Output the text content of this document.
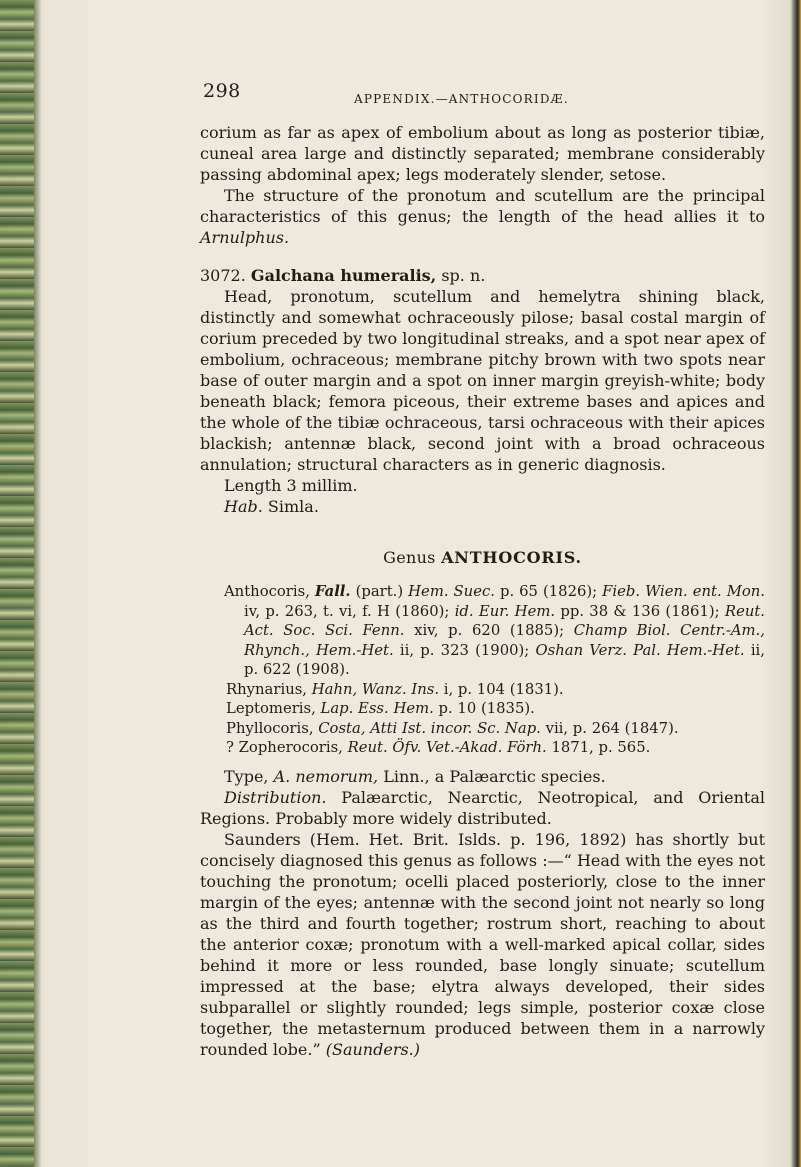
298	APPENDIX.—ANTHOCORIDÆ.

corium as far as apex of embolium about as long as posterior tibiæ, cuneal area large and distinctly separated; membrane considerably passing abdominal apex; legs moderately slender, setose.

The structure of the pronotum and scutellum are the principal characteristics of this genus; the length of the head allies it to Arnulphus.

3072. Galchana humeralis, sp. n.

Head, pronotum, scutellum and hemelytra shining black, distinctly and somewhat ochraceously pilose; basal costal margin of corium preceded by two longitudinal streaks, and a spot near apex of embolium, ochraceous; membrane pitchy brown with two spots near base of outer margin and a spot on inner margin greyish-white; body beneath black; femora piceous, their extreme bases and apices and the whole of the tibiæ ochraceous, tarsi ochraceous with their apices blackish; antennæ black, second joint with a broad ochraceous annulation; structural characters as in generic diagnosis.

Length 3 millim.

Hab. Simla.

Genus ANTHOCORIS.

Anthocoris, Fall. (part.) Hem. Suec. p. 65 (1826); Fieb. Wien. ent. Mon. iv, p. 263, t. vi, f. H (1860); id. Eur. Hem. pp. 38 & 136 (1861); Reut. Act. Soc. Sci. Fenn. xiv, p. 620 (1885); Champ Biol. Centr.-Am., Rhynch., Hem.-Het. ii, p. 323 (1900); Oshan Verz. Pal. Hem.-Het. ii, p. 622 (1908).

Rhynarius, Hahn, Wanz. Ins. i, p. 104 (1831).

Leptomeris, Lap. Ess. Hem. p. 10 (1835).

Phyllocoris, Costa, Atti Ist. incor. Sc. Nap. vii, p. 264 (1847).

? Zopherocoris, Reut. Öfv. Vet.-Akad. Förh. 1871, p. 565.

Type, A. nemorum, Linn., a Palæarctic species.

Distribution. Palæarctic, Nearctic, Neotropical, and Oriental Regions. Probably more widely distributed.

Saunders (Hem. Het. Brit. Islds. p. 196, 1892) has shortly but concisely diagnosed this genus as follows :—“ Head with the eyes not touching the pronotum; ocelli placed posteriorly, close to the inner margin of the eyes; antennæ with the second joint not nearly so long as the third and fourth together; rostrum short, reaching to about the anterior coxæ; pronotum with a well-marked apical collar, sides behind it more or less rounded, base longly sinuate; scutellum impressed at the base; elytra always developed, their sides subparallel or slightly rounded; legs simple, posterior coxæ close together, the metasternum produced between them in a narrowly rounded lobe.” (Saunders.)
